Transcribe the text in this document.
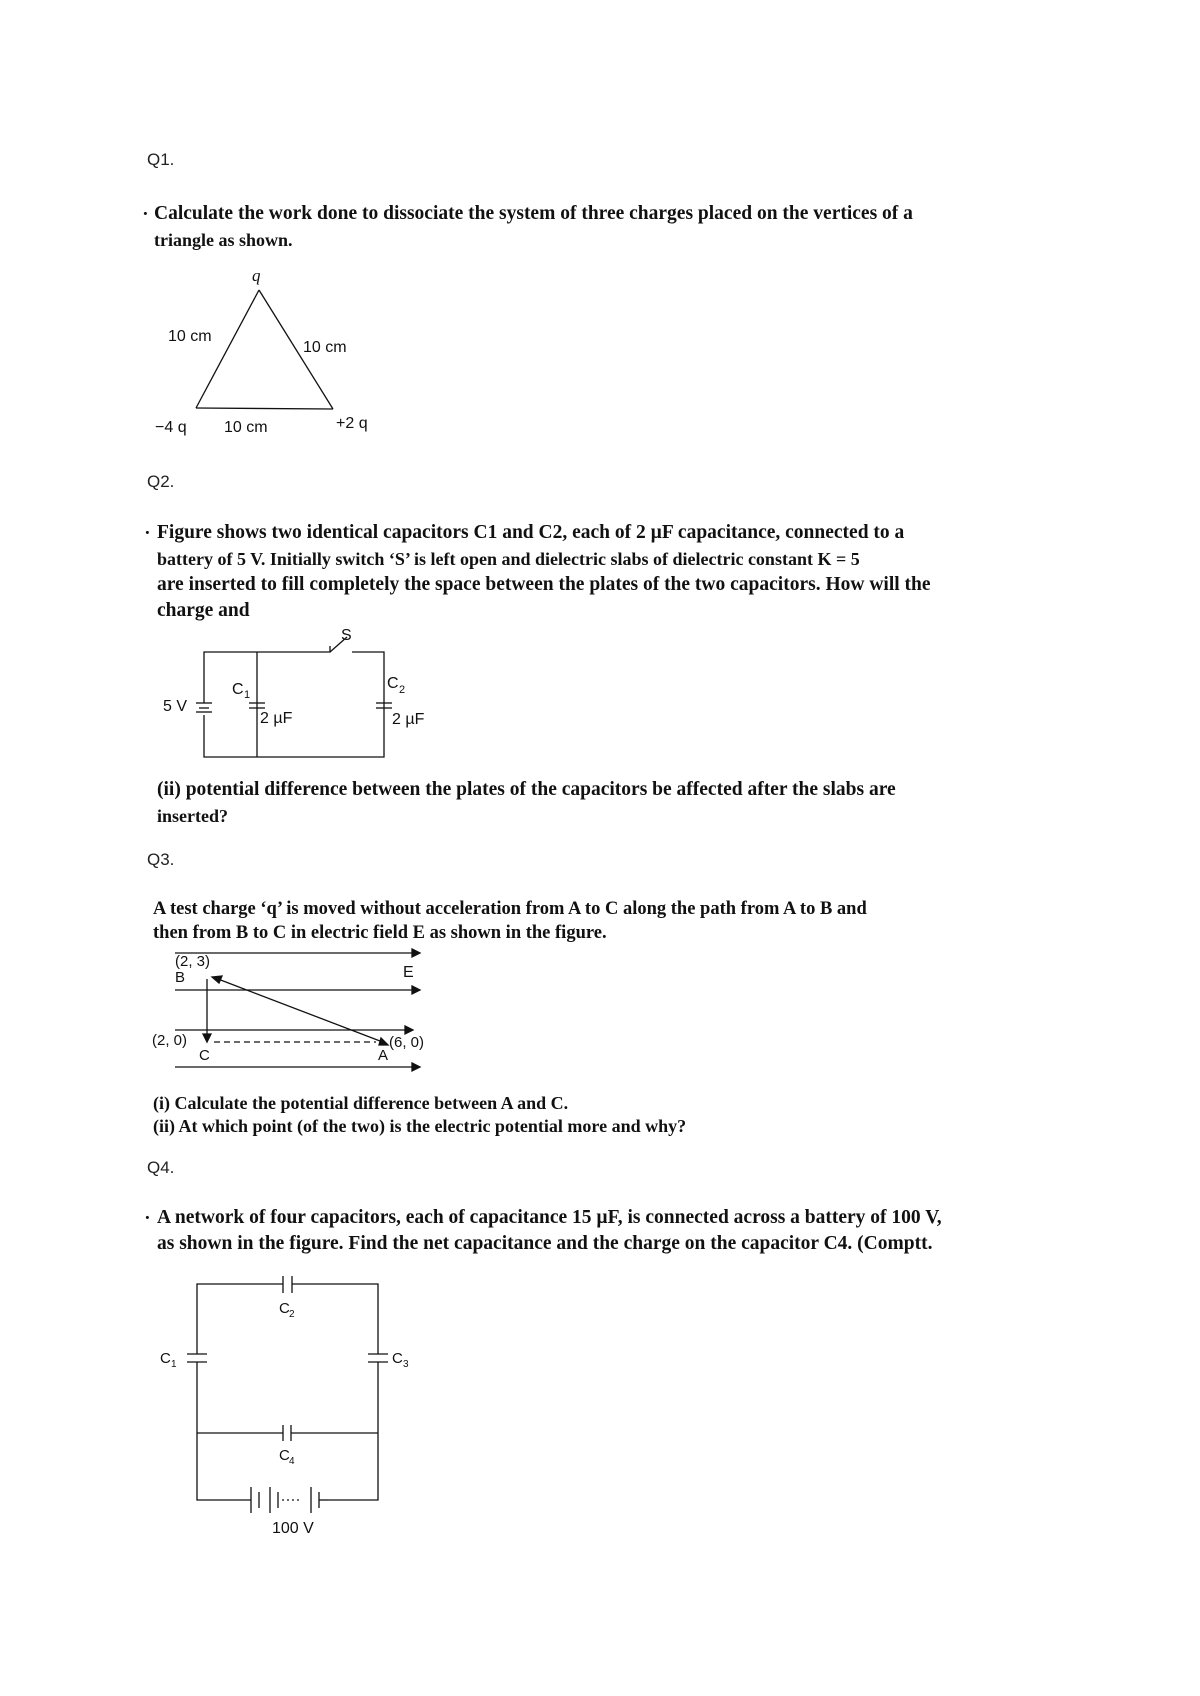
Q1.
. Calculate the work done to dissociate the system of three charges placed on the vertices of a
triangle as shown.
q
10 cm
10 cm
−4 q 10 cm	+2 q
S
5 V
C 1
2 µF
C 2
2 µF
(2, 3)
B	E
(2, 0)
C	A
(6, 0)
C 2
C 1	C 3
C 4
100 V
Q2.
. Figure shows two identical capacitors C1 and C2, each of 2 µF capacitance, connected to a
battery of 5 V. Initially switch ‘S’ is left open and dielectric slabs of dielectric constant K = 5
are inserted to fill completely the space between the plates of the two capacitors. How will the
charge and
(ii) potential difference between the plates of the capacitors be affected after the slabs are
inserted?
Q3.
A test charge ‘q’ is moved without acceleration from A to C along the path from A to B and
then from B to C in electric field E as shown in the figure.
(i) Calculate the potential difference between A and C.
(ii) At which point (of the two) is the electric potential more and why?
Q4.
. A network of four capacitors, each of capacitance 15 µF, is connected across a battery of 100 V,
as shown in the figure. Find the net capacitance and the charge on the capacitor C4. (Comptt.
